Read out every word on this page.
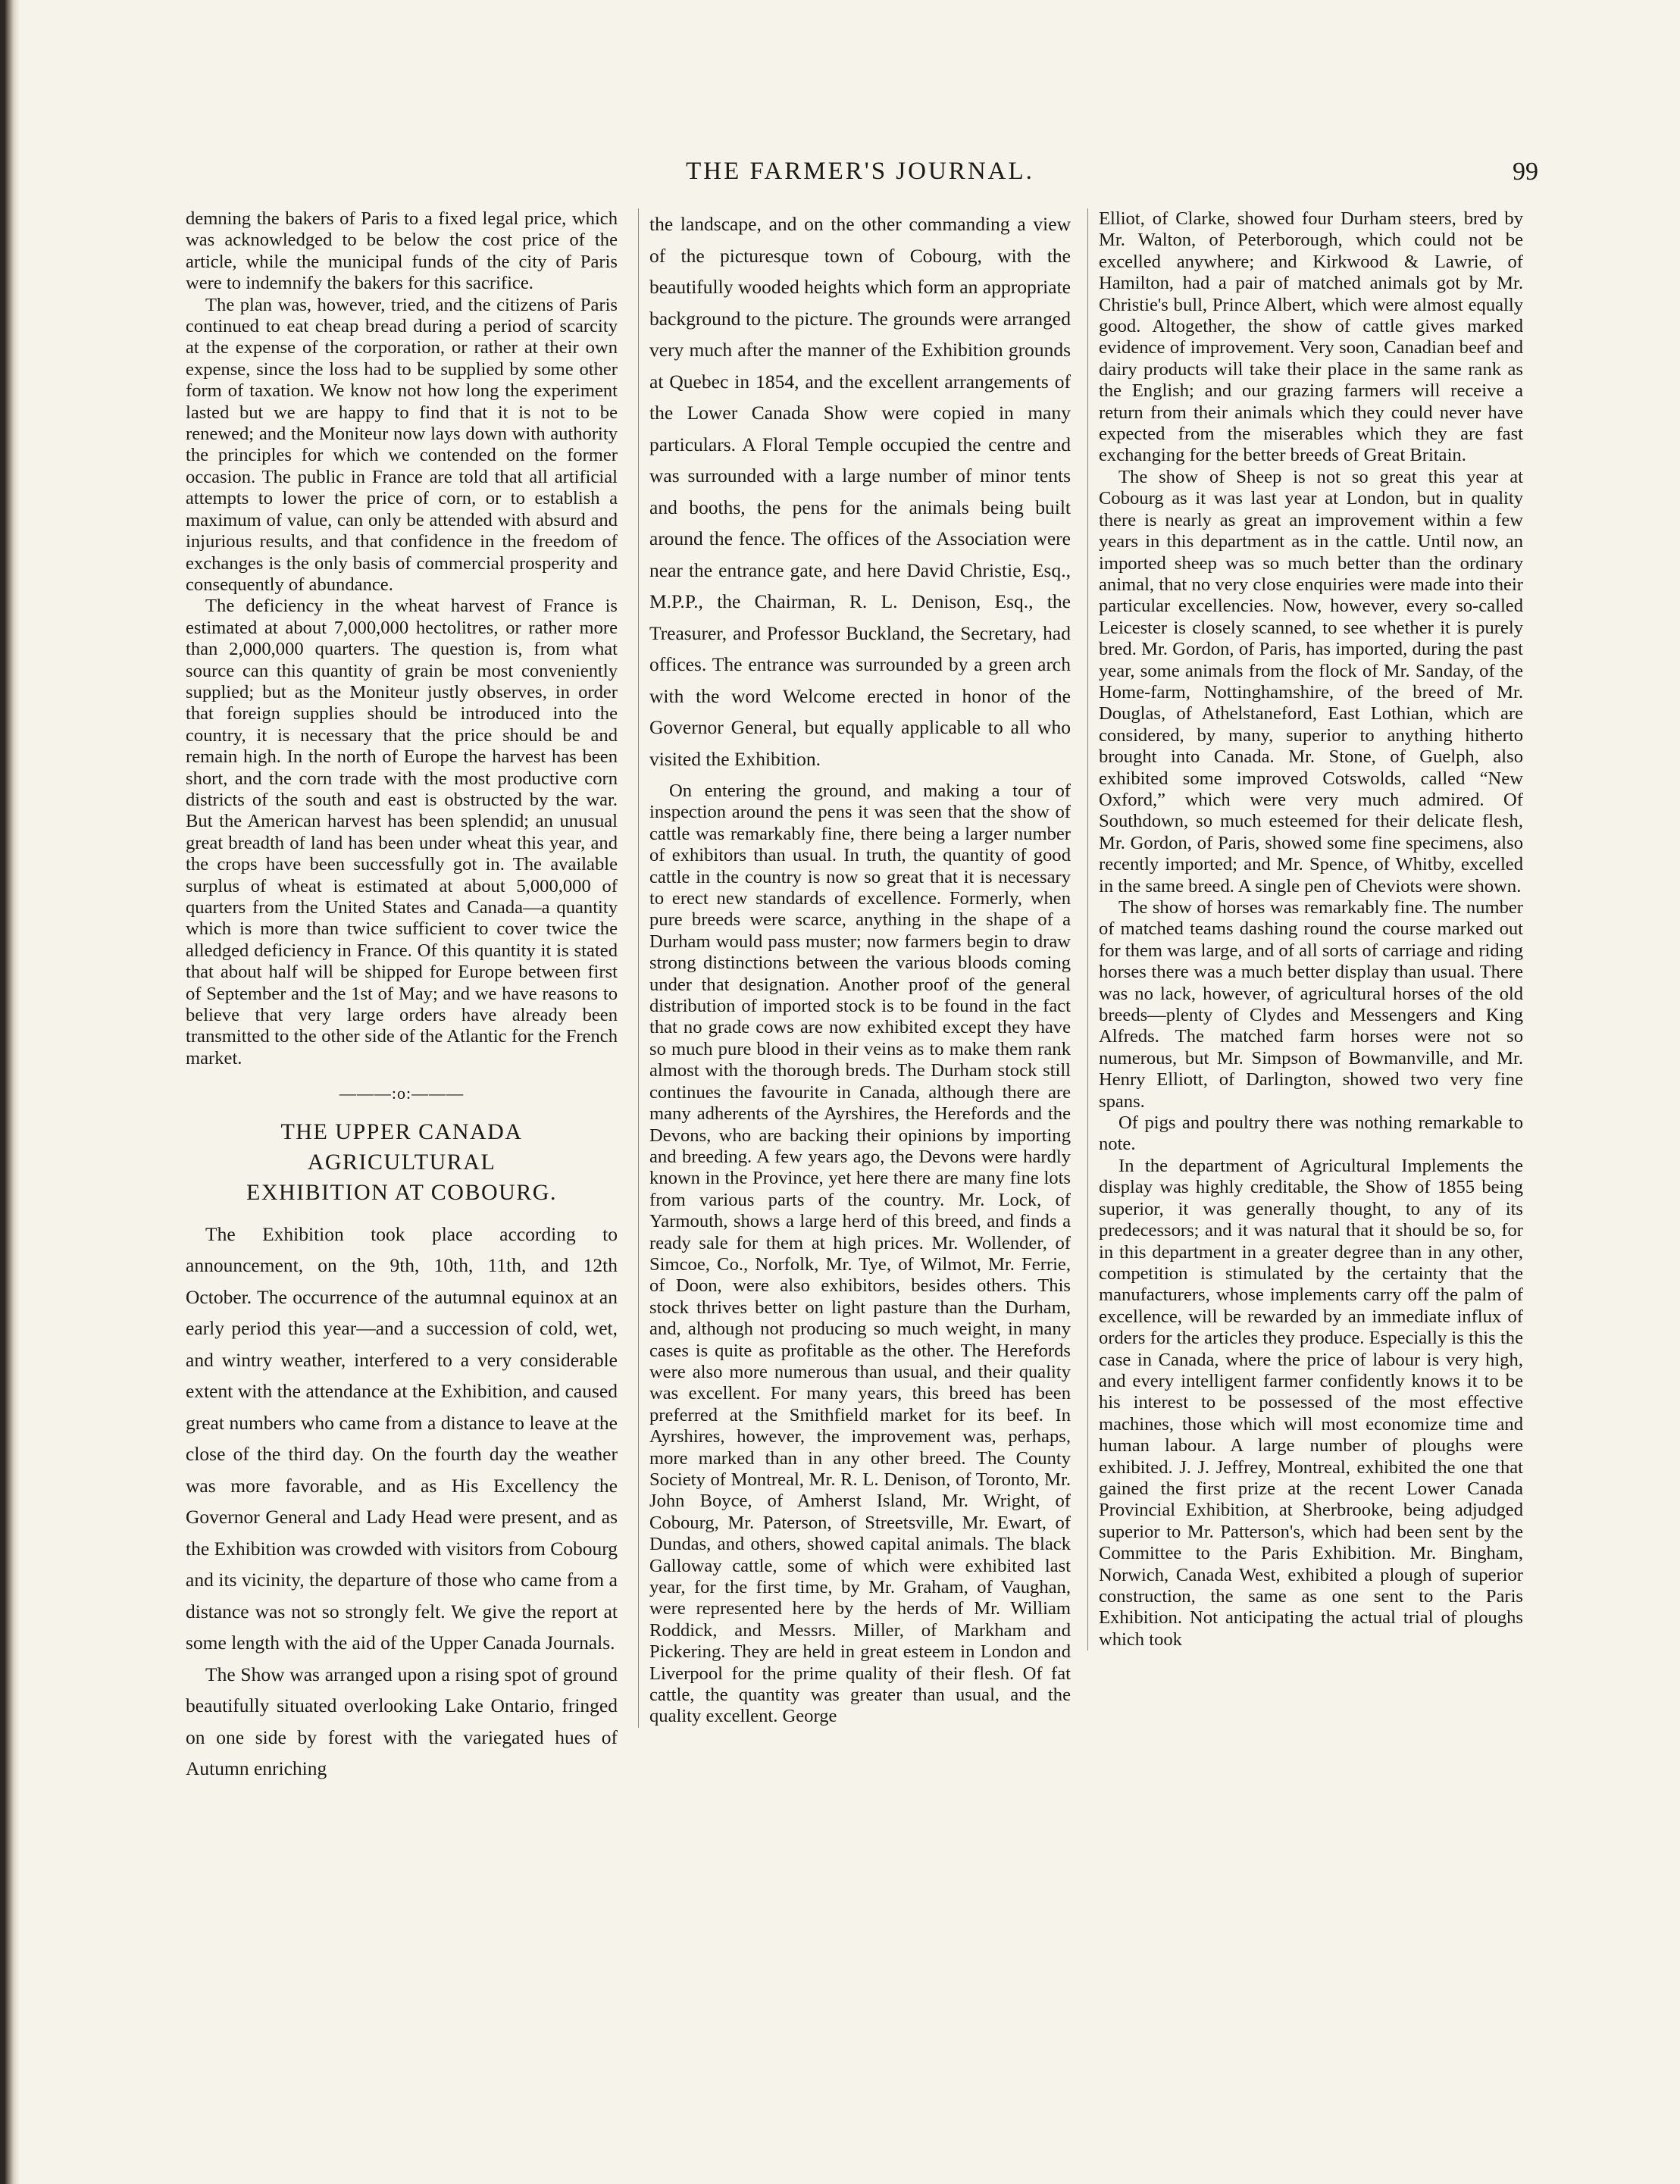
THE FARMER'S JOURNAL.	99

demning the bakers of Paris to a fixed legal price, which was acknowledged to be below the cost price of the article, while the municipal funds of the city of Paris were to indemnify the bakers for this sacrifice.

The plan was, however, tried, and the citizens of Paris continued to eat cheap bread during a period of scarcity at the expense of the corporation, or rather at their own expense, since the loss had to be supplied by some other form of taxation. We know not how long the experiment lasted but we are happy to find that it is not to be renewed; and the Moniteur now lays down with authority the principles for which we contended on the former occasion. The public in France are told that all artificial attempts to lower the price of corn, or to establish a maximum of value, can only be attended with absurd and injurious results, and that confidence in the freedom of exchanges is the only basis of commercial prosperity and consequently of abundance.

The deficiency in the wheat harvest of France is estimated at about 7,000,000 hectolitres, or rather more than 2,000,000 quarters. The question is, from what source can this quantity of grain be most conveniently supplied; but as the Moniteur justly observes, in order that foreign supplies should be introduced into the country, it is necessary that the price should be and remain high. In the north of Europe the harvest has been short, and the corn trade with the most productive corn districts of the south and east is obstructed by the war. But the American harvest has been splendid; an unusual great breadth of land has been under wheat this year, and the crops have been successfully got in. The available surplus of wheat is estimated at about 5,000,000 of quarters from the United States and Canada—a quantity which is more than twice sufficient to cover twice the alledged deficiency in France. Of this quantity it is stated that about half will be shipped for Europe between first of September and the 1st of May; and we have reasons to believe that very large orders have already been transmitted to the other side of the Atlantic for the French market.

———:o:———
THE UPPER CANADA AGRICULTURAL
EXHIBITION AT COBOURG.

The Exhibition took place according to announcement, on the 9th, 10th, 11th, and 12th October. The occurrence of the autumnal equinox at an early period this year—and a succession of cold, wet, and wintry weather, interfered to a very considerable extent with the attendance at the Exhibition, and caused great numbers who came from a distance to leave at the close of the third day. On the fourth day the weather was more favorable, and as His Excellency the Governor General and Lady Head were present, and as the Exhibition was crowded with visitors from Cobourg and its vicinity, the departure of those who came from a distance was not so strongly felt. We give the report at some length with the aid of the Upper Canada Journals.

The Show was arranged upon a rising spot of ground beautifully situated overlooking Lake Ontario, fringed on one side by forest with the variegated hues of Autumn enriching

the landscape, and on the other commanding a view of the picturesque town of Cobourg, with the beautifully wooded heights which form an appropriate background to the picture. The grounds were arranged very much after the manner of the Exhibition grounds at Quebec in 1854, and the excellent arrangements of the Lower Canada Show were copied in many particulars. A Floral Temple occupied the centre and was surrounded with a large number of minor tents and booths, the pens for the animals being built around the fence. The offices of the Association were near the entrance gate, and here David Christie, Esq., M.P.P., the Chairman, R. L. Denison, Esq., the Treasurer, and Professor Buckland, the Secretary, had offices. The entrance was surrounded by a green arch with the word Welcome erected in honor of the Governor General, but equally applicable to all who visited the Exhibition.

On entering the ground, and making a tour of inspection around the pens it was seen that the show of cattle was remarkably fine, there being a larger number of exhibitors than usual. In truth, the quantity of good cattle in the country is now so great that it is necessary to erect new standards of excellence. Formerly, when pure breeds were scarce, anything in the shape of a Durham would pass muster; now farmers begin to draw strong distinctions between the various bloods coming under that designation. Another proof of the general distribution of imported stock is to be found in the fact that no grade cows are now exhibited except they have so much pure blood in their veins as to make them rank almost with the thorough breds. The Durham stock still continues the favourite in Canada, although there are many adherents of the Ayrshires, the Herefords and the Devons, who are backing their opinions by importing and breeding. A few years ago, the Devons were hardly known in the Province, yet here there are many fine lots from various parts of the country. Mr. Lock, of Yarmouth, shows a large herd of this breed, and finds a ready sale for them at high prices. Mr. Wollender, of Simcoe, Co., Norfolk, Mr. Tye, of Wilmot, Mr. Ferrie, of Doon, were also exhibitors, besides others. This stock thrives better on light pasture than the Durham, and, although not producing so much weight, in many cases is quite as profitable as the other. The Herefords were also more numerous than usual, and their quality was excellent. For many years, this breed has been preferred at the Smithfield market for its beef. In Ayrshires, however, the improvement was, perhaps, more marked than in any other breed. The County Society of Montreal, Mr. R. L. Denison, of Toronto, Mr. John Boyce, of Amherst Island, Mr. Wright, of Cobourg, Mr. Paterson, of Streetsville, Mr. Ewart, of Dundas, and others, showed capital animals. The black Galloway cattle, some of which were exhibited last year, for the first time, by Mr. Graham, of Vaughan, were represented here by the herds of Mr. William Roddick, and Messrs. Miller, of Markham and Pickering. They are held in great esteem in London and Liverpool for the prime quality of their flesh. Of fat cattle, the quantity was greater than usual, and the quality excellent. George

Elliot, of Clarke, showed four Durham steers, bred by Mr. Walton, of Peterborough, which could not be excelled anywhere; and Kirkwood & Lawrie, of Hamilton, had a pair of matched animals got by Mr. Christie's bull, Prince Albert, which were almost equally good. Altogether, the show of cattle gives marked evidence of improvement. Very soon, Canadian beef and dairy products will take their place in the same rank as the English; and our grazing farmers will receive a return from their animals which they could never have expected from the miserables which they are fast exchanging for the better breeds of Great Britain.

The show of Sheep is not so great this year at Cobourg as it was last year at London, but in quality there is nearly as great an improvement within a few years in this department as in the cattle. Until now, an imported sheep was so much better than the ordinary animal, that no very close enquiries were made into their particular excellencies. Now, however, every so-called Leicester is closely scanned, to see whether it is purely bred. Mr. Gordon, of Paris, has imported, during the past year, some animals from the flock of Mr. Sanday, of the Home-farm, Nottinghamshire, of the breed of Mr. Douglas, of Athelstaneford, East Lothian, which are considered, by many, superior to anything hitherto brought into Canada. Mr. Stone, of Guelph, also exhibited some improved Cotswolds, called “New Oxford,” which were very much admired. Of Southdown, so much esteemed for their delicate flesh, Mr. Gordon, of Paris, showed some fine specimens, also recently imported; and Mr. Spence, of Whitby, excelled in the same breed. A single pen of Cheviots were shown.

The show of horses was remarkably fine. The number of matched teams dashing round the course marked out for them was large, and of all sorts of carriage and riding horses there was a much better display than usual. There was no lack, however, of agricultural horses of the old breeds—plenty of Clydes and Messengers and King Alfreds. The matched farm horses were not so numerous, but Mr. Simpson of Bowmanville, and Mr. Henry Elliott, of Darlington, showed two very fine spans.

Of pigs and poultry there was nothing remarkable to note.

In the department of Agricultural Implements the display was highly creditable, the Show of 1855 being superior, it was generally thought, to any of its predecessors; and it was natural that it should be so, for in this department in a greater degree than in any other, competition is stimulated by the certainty that the manufacturers, whose implements carry off the palm of excellence, will be rewarded by an immediate influx of orders for the articles they produce. Especially is this the case in Canada, where the price of labour is very high, and every intelligent farmer confidently knows it to be his interest to be possessed of the most effective machines, those which will most economize time and human labour. A large number of ploughs were exhibited. J. J. Jeffrey, Montreal, exhibited the one that gained the first prize at the recent Lower Canada Provincial Exhibition, at Sherbrooke, being adjudged superior to Mr. Patterson's, which had been sent by the Committee to the Paris Exhibition. Mr. Bingham, Norwich, Canada West, exhibited a plough of superior construction, the same as one sent to the Paris Exhibition. Not anticipating the actual trial of ploughs which took
